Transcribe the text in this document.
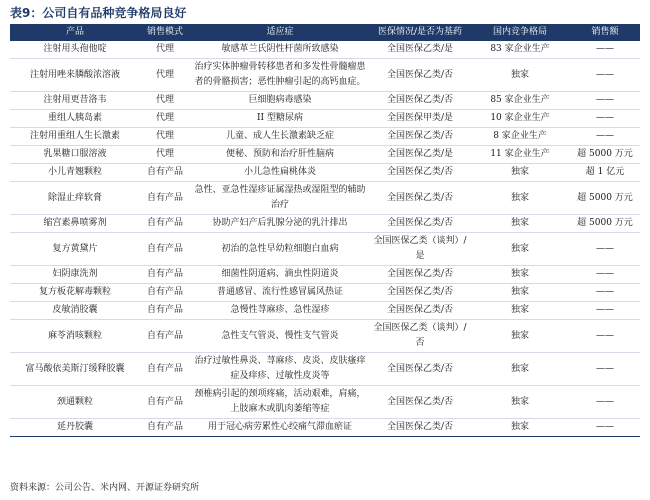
表9：公司自有品种竞争格局良好
产品	销售模式	适应症	医保情况/是否为基药	国内竞争格局	销售额
注射用头孢他啶	代理	敏感革兰氏阴性杆菌所致感染	全国医保乙类/是	83 家企业生产	——
注射用唑来膦酸浓溶液	代理	治疗实体肿瘤骨转移患者和多发性骨髓瘤患者的骨骼损害；恶性肿瘤引起的高钙血症。	全国医保乙类/否	独家	——
注射用更昔洛韦	代理	巨细胞病毒感染	全国医保乙类/否	85 家企业生产	——
重组人胰岛素	代理	II 型糖尿病	全国医保甲类/是	10 家企业生产	——
注射用重组人生长激素	代理	儿童、成人生长激素缺乏症	全国医保乙类/否	8 家企业生产	——
乳果糖口服溶液	代理	便秘、预防和治疗肝性脑病	全国医保乙类/是	11 家企业生产	超 5000 万元
小儿青翘颗粒	自有产品	小儿急性扁桃体炎	全国医保乙类/否	独家	超 1 亿元
除湿止痒软膏	自有产品	急性、亚急性湿疹证属湿热或湿阻型的辅助治疗	全国医保乙类/否	独家	超 5000 万元
缩宫素鼻喷雾剂	自有产品	协助产妇产后乳腺分泌的乳汁排出	全国医保乙类/否	独家	超 5000 万元
复方黄黛片	自有产品	初治的急性早幼粒细胞白血病	全国医保乙类（谈判）/是	独家	——
妇阴康洗剂	自有产品	细菌性阴道病、滴虫性阴道炎	全国医保乙类/否	独家	——
复方板花解毒颗粒	自有产品	普通感冒、流行性感冒属风热证	全国医保乙类/否	独家	——
皮敏消胶囊	自有产品	急慢性荨麻疹、急性湿疹	全国医保乙类/否	独家	——
麻苓消咳颗粒	自有产品	急性支气管炎、慢性支气管炎	全国医保乙类（谈判）/否	独家	——
富马酸依美斯汀缓释胶囊	自有产品	治疗过敏性鼻炎、荨麻疹、皮炎、皮肤瘙痒症及痒疹、过敏性皮炎等	全国医保乙类/否	独家	——
颈通颗粒	自有产品	颈椎病引起的颈项疼痛，活动艰难，肩痛，上肢麻木或肌肉萎缩等症	全国医保乙类/否	独家	——
延丹胶囊	自有产品	用于冠心病劳累性心绞痛气滞血瘀证	全国医保乙类/否	独家	——
资料来源：公司公告、米内网、开源证券研究所
